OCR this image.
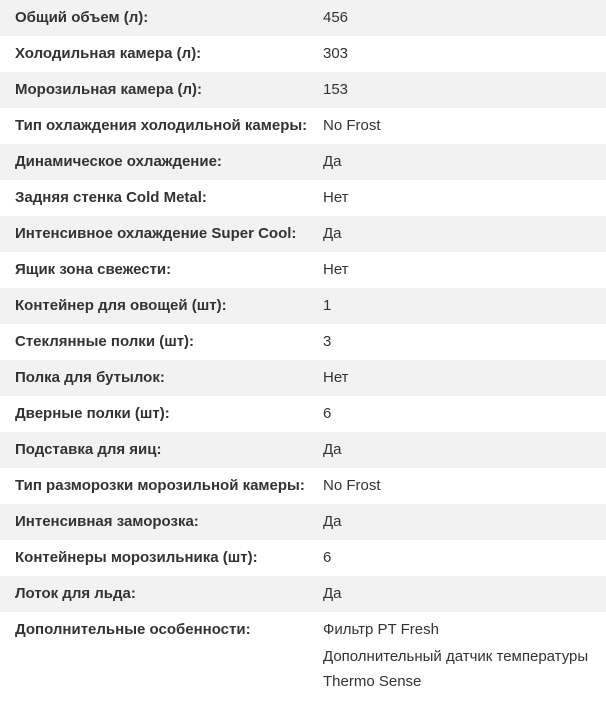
Общий объем (л):	456
Холодильная камера (л):	303
Морозильная камера (л):	153
Тип охлаждения холодильной камеры:	No Frost
Динамическое охлаждение:	Да
Задняя стенка Cold Metal:	Нет
Интенсивное охлаждение Super Cool:	Да
Ящик зона свежести:	Нет
Контейнер для овощей (шт):	1
Стеклянные полки (шт):	3
Полка для бутылок:	Нет
Дверные полки (шт):	6
Подставка для яиц:	Да
Тип разморозки морозильной камеры:	No Frost
Интенсивная заморозка:	Да
Контейнеры морозильника (шт):	6
Лоток для льда:	Да
Дополнительные особенности:	Фильтр PT Fresh
Дополнительный датчик температуры
Thermo Sense
